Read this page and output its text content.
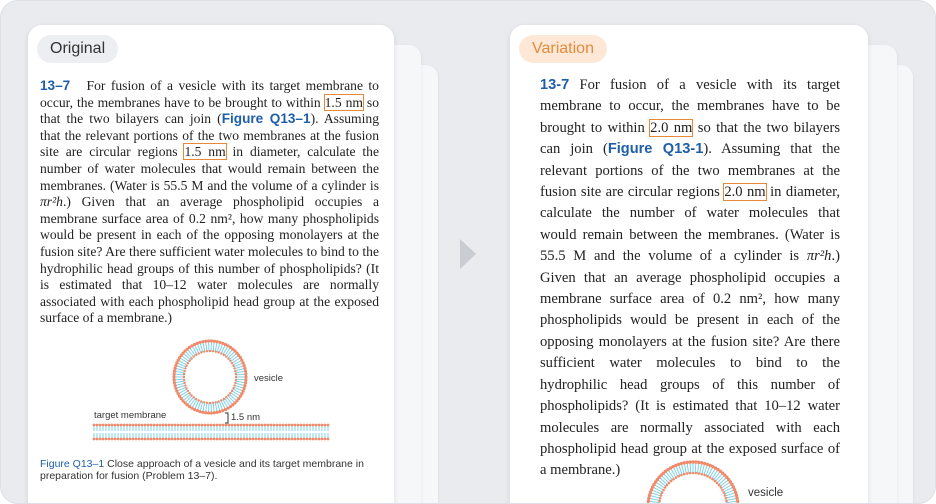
Original
13–7 For fusion of a vesicle with its target membrane to occur, the membranes have to be brought to within 1.5 nm so that the two bilayers can join (Figure Q13–1). Assuming that the relevant portions of the two membranes at the fusion site are circular regions 1.5 nm in diameter, calculate the number of water molecules that would remain between the membranes. (Water is 55.5 M and the volume of a cylinder is πr²h.) Given that an average phospholipid occupies a membrane surface area of 0.2 nm², how many phospholipids would be present in each of the opposing monolayers at the fusion site? Are there sufficient water molecules to bind to the hydrophilic head groups of this number of phospholipids? (It is estimated that 10–12 water molecules are normally associated with each phospholipid head group at the exposed surface of a membrane.)
vesicle
target membrane	1.5 nm
Figure Q13–1 Close approach of a vesicle and its target membrane in preparation for fusion (Problem 13–7).
Variation
13-7 For fusion of a vesicle with its target membrane to occur, the membranes have to be brought to within 2.0 nm so that the two bilayers can join (Figure Q13-1). Assuming that the relevant portions of the two membranes at the fusion site are circular regions 2.0 nm in diameter, calculate the number of water molecules that would remain between the membranes. (Water is 55.5 M and the volume of a cylinder is πr²h.) Given that an average phospholipid occupies a membrane surface area of 0.2 nm², how many phospholipids would be present in each of the opposing monolayers at the fusion site? Are there sufficient water molecules to bind to the hydrophilic head groups of this number of phospholipids? (It is estimated that 10–12 water molecules are normally associated with each phospholipid head group at the exposed surface of a membrane.)
vesicle
